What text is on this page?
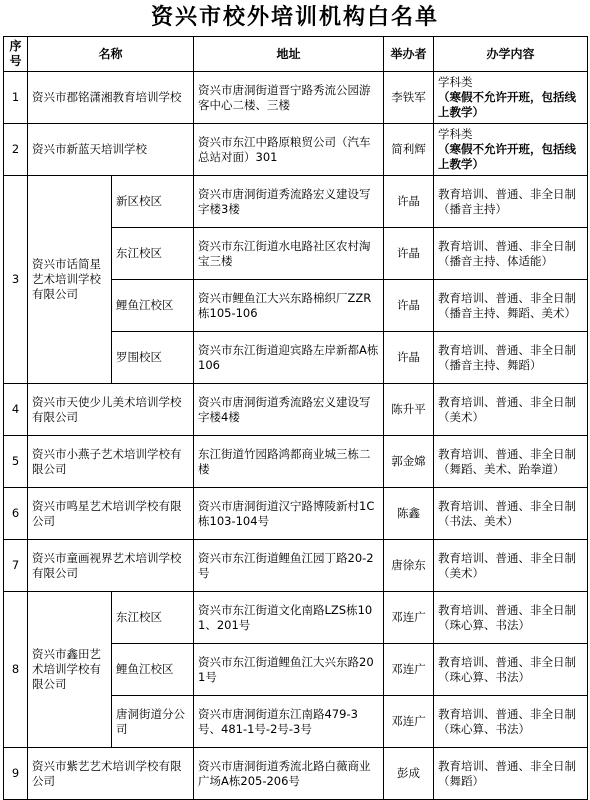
资兴市校外培训机构白名单
序号	名称		地址	举办者	办学内容
1	资兴市郡铭潇湘教育培训学校		资兴市唐洞街道晋宁路秀流公园游客中心二楼、三楼	李铁军	学科类
（寒假不允许开班，包括线上教学）
2	资兴市新蓝天培训学校		资兴市东江中路原粮贸公司（汽车总站对面）301	简利辉	学科类
（寒假不允许开班，包括线上教学）
3	资兴市话简星艺术培训学校有限公司	新区校区	资兴市唐洞街道秀流路宏义建设写字楼3楼	许晶	教育培训、普通、非全日制（播音主持）
		东江校区	资兴市东江街道水电路社区农村淘宝三楼	许晶	教育培训、普通、非全日制（播音主持、体适能）
		鲤鱼江校区	资兴市鲤鱼江大兴东路棉织厂ZZR栋105-106	许晶	教育培训、普通、非全日制（播音主持、舞蹈、美术）
		罗围校区	资兴市东江街道迎宾路左岸新都A栋106	许晶	教育培训、普通、非全日制（播音主持、舞蹈）
4	资兴市天使少儿美术培训学校有限公司		资兴市唐洞街道秀流路宏义建设写字楼4楼	陈升平	教育培训、普通、非全日制（美术）
5	资兴市小燕子艺术培训学校有限公司		东江街道竹园路鸿都商业城三栋二楼	郭金嫦	教育培训、普通、非全日制（舞蹈、美术、跆拳道）
6	资兴市鸣星艺术培训学校有限公司		资兴市唐洞街道汉宁路博陵新村1C栋103-104号	陈鑫	教育培训、普通、非全日制（书法、美术）
7	资兴市童画视界艺术培训学校有限公司		资兴市东江街道鲤鱼江园丁路20-2号	唐徐东	教育培训、普通、非全日制（美术）
8	资兴市鑫田艺术培训学校有限公司	东江校区	资兴市东江街道文化南路LZS栋101、201号	邓连广	教育培训、普通、非全日制（珠心算、书法）
		鲤鱼江校区	资兴市东江街道鲤鱼江大兴东路201号	邓连广	教育培训、普通、非全日制（珠心算、书法）
		唐洞街道分公司	资兴市唐洞街道东江南路479-3号、481-1号-2号-3号	邓连广	教育培训、普通、非全日制（珠心算、书法）
9	资兴市紫艺艺术培训学校有限公司		资兴市唐洞街道秀流北路白薇商业广场A栋205-206号	彭成	教育培训、普通、非全日制（舞蹈）
